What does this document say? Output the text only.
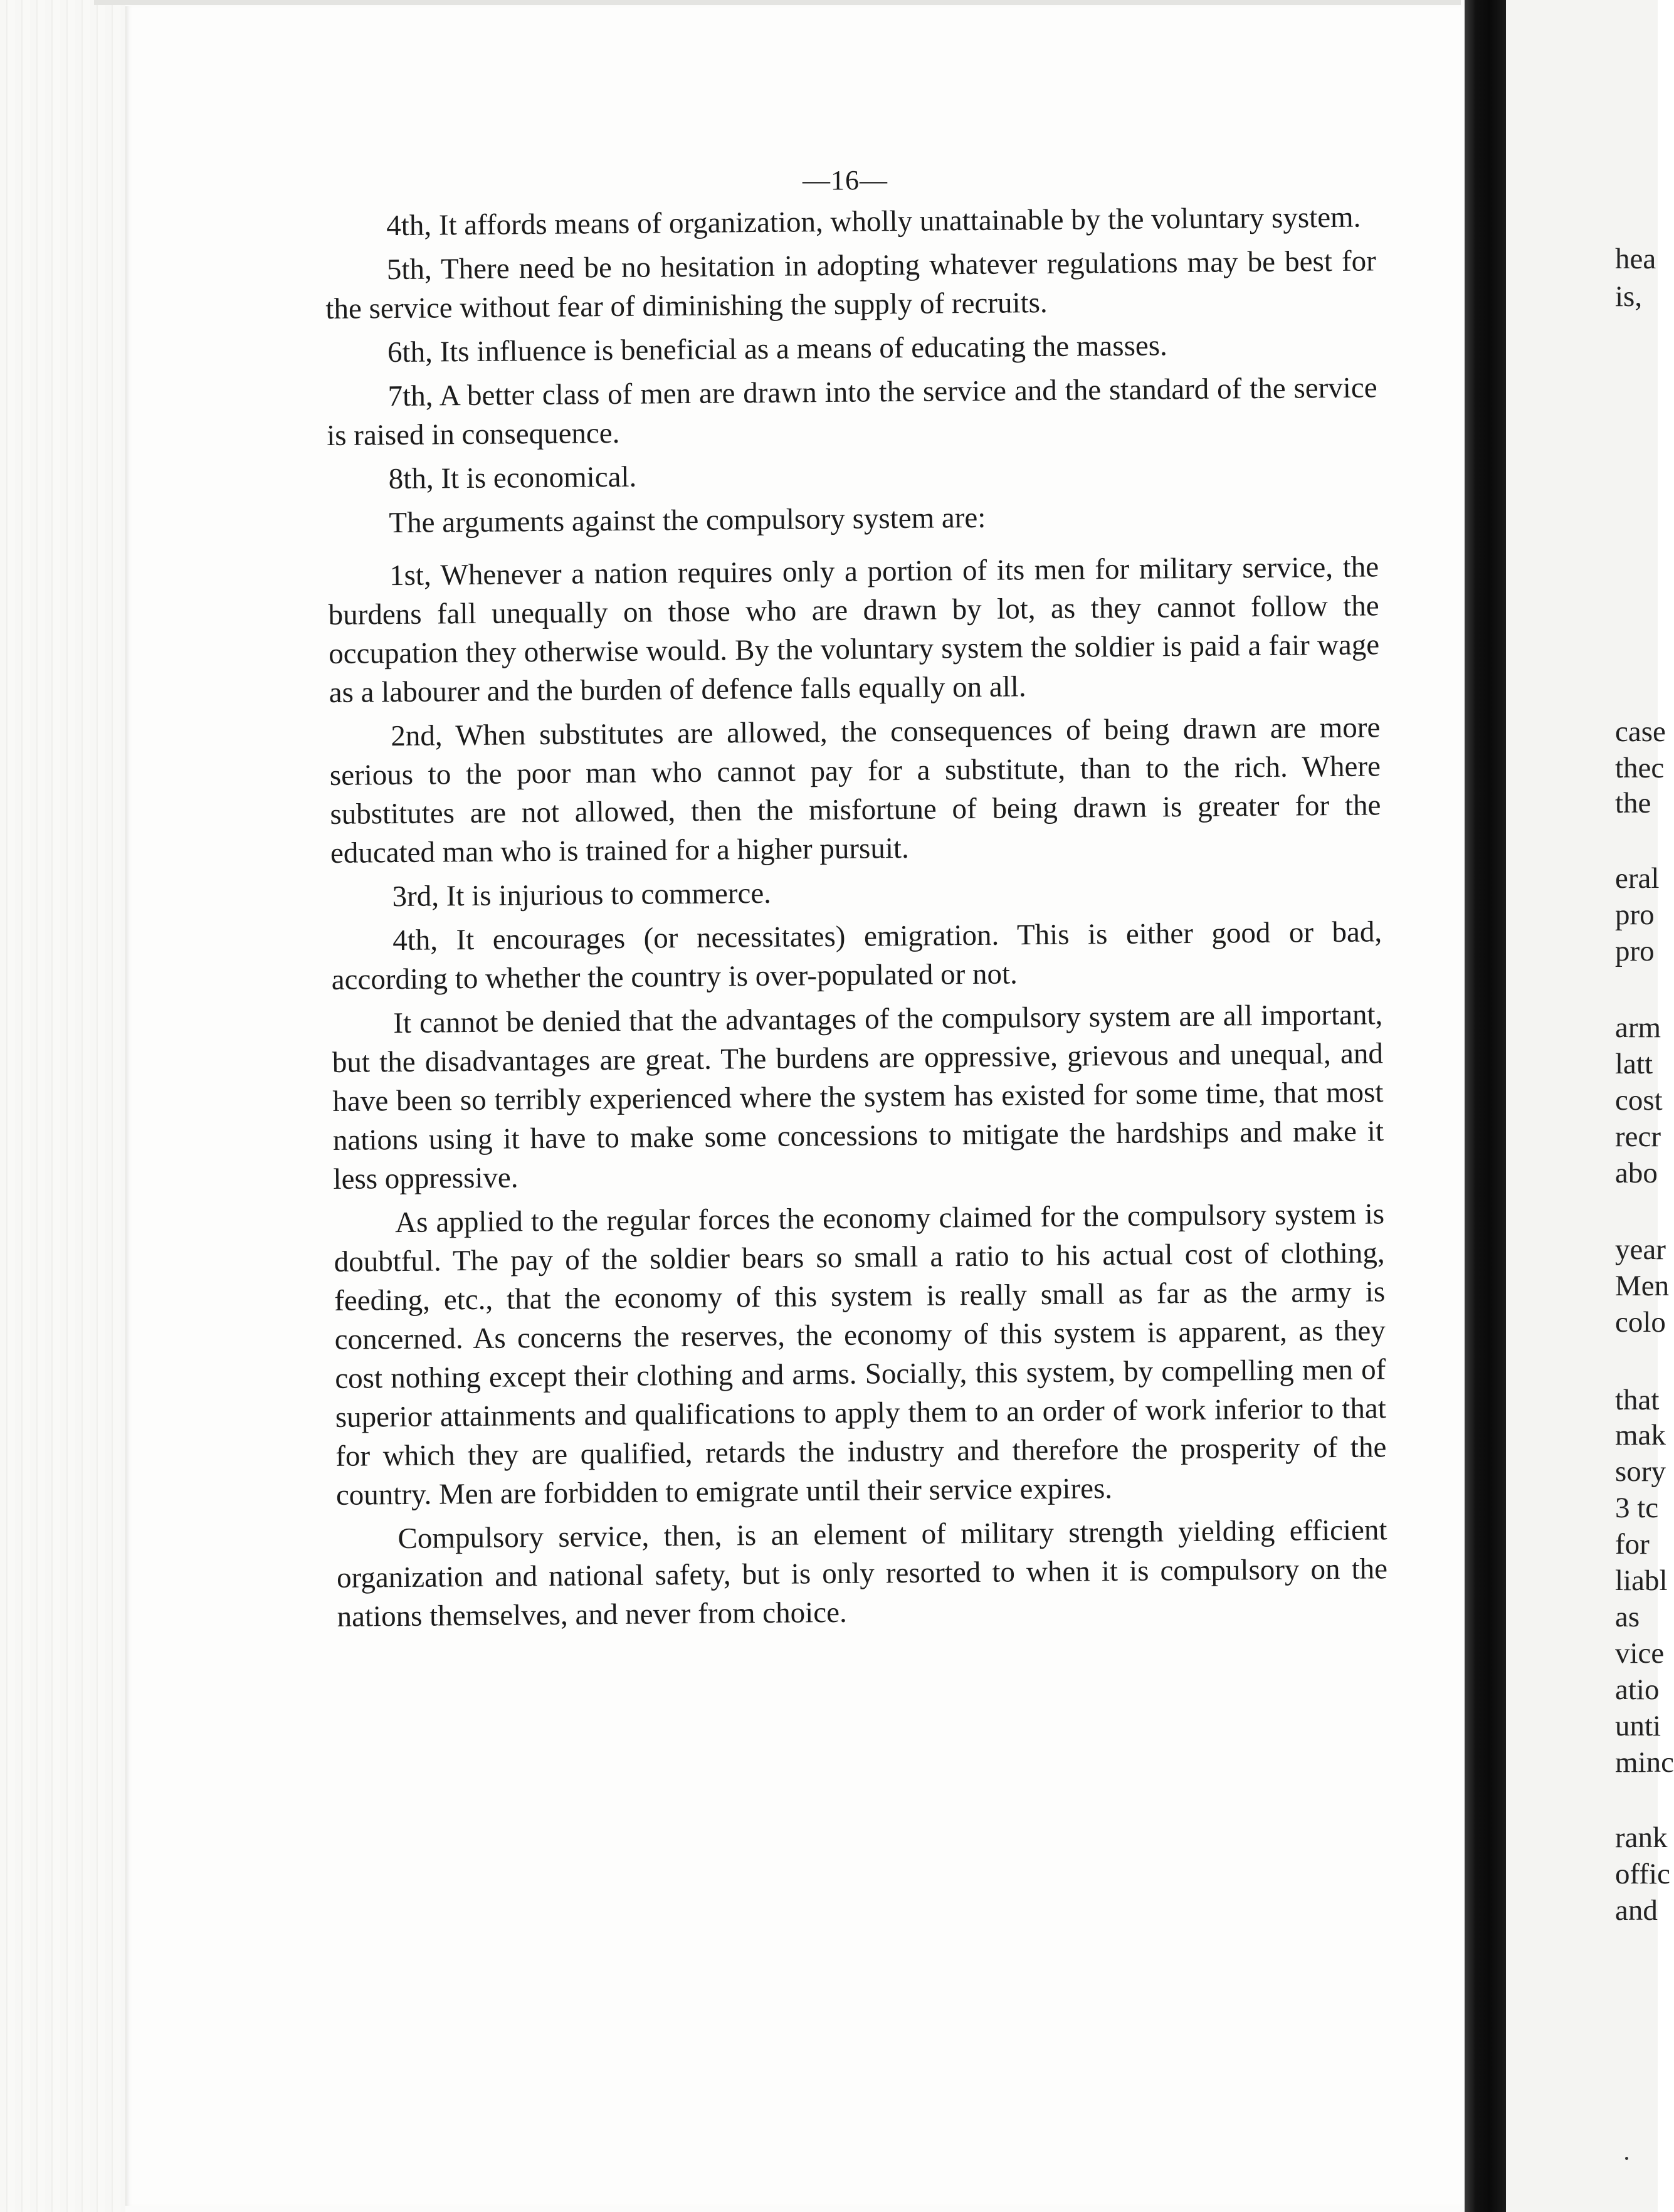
—16—

4th, It affords means of organization, wholly unattainable by the voluntary system.

5th, There need be no hesitation in adopting whatever regulations may be best for the service without fear of diminishing the supply of recruits.

6th, Its influence is beneficial as a means of educating the masses.

7th, A better class of men are drawn into the service and the standard of the service is raised in consequence.

8th, It is economical.

The arguments against the compulsory system are:

1st, Whenever a nation requires only a portion of its men for military service, the burdens fall unequally on those who are drawn by lot, as they cannot follow the occupation they otherwise would. By the voluntary system the soldier is paid a fair wage as a labourer and the burden of defence falls equally on all.

2nd, When substitutes are allowed, the consequences of being drawn are more serious to the poor man who cannot pay for a substitute, than to the rich. Where substitutes are not allowed, then the misfortune of being drawn is greater for the educated man who is trained for a higher pursuit.

3rd, It is injurious to commerce.

4th, It encourages (or necessitates) emigration. This is either good or bad, according to whether the country is over-populated or not.

It cannot be denied that the advantages of the compulsory system are all important, but the disadvantages are great. The burdens are oppressive, grievous and unequal, and have been so terribly experienced where the system has existed for some time, that most nations using it have to make some concessions to mitigate the hardships and make it less oppressive.

As applied to the regular forces the economy claimed for the compulsory system is doubtful. The pay of the soldier bears so small a ratio to his actual cost of clothing, feeding, etc., that the economy of this system is really small as far as the army is concerned. As concerns the reserves, the economy of this system is apparent, as they cost nothing except their clothing and arms. Socially, this system, by compelling men of superior attainments and qualifications to apply them to an order of work inferior to that for which they are qualified, retards the industry and therefore the prosperity of the country. Men are forbidden to emigrate until their service expires.

Compulsory service, then, is an element of military strength yielding efficient organization and national safety, but is only resorted to when it is compulsory on the nations themselves, and never from choice.

hea
is,
case
thec
the
eral
pro
pro
arm
latt
cost
recr
abo
year
Men
colo
that
mak
sory
3 tc
for
liabl
as
vice
atio
unti
minc
rank
offic
and
